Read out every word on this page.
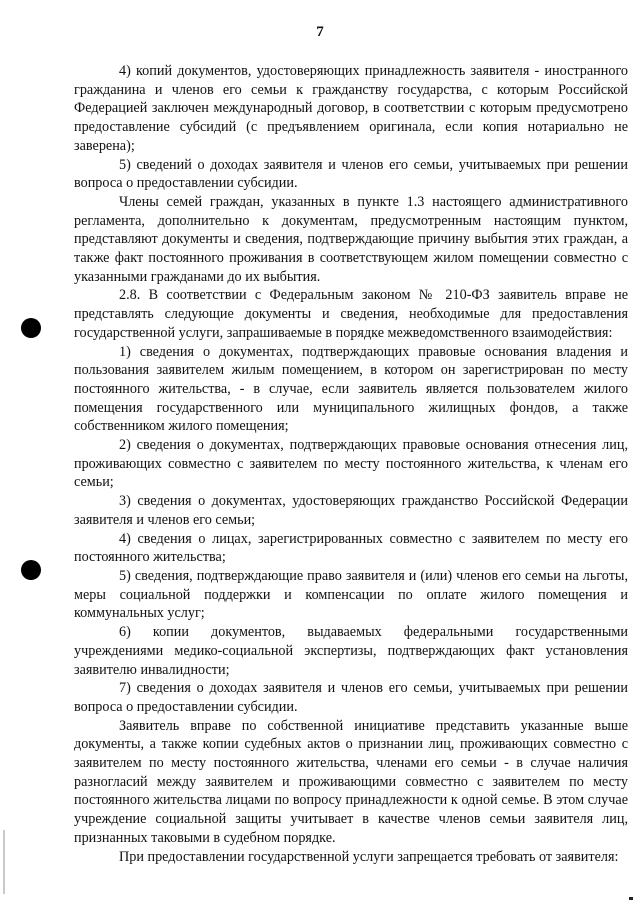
7

4) копий документов, удостоверяющих принадлежность заявителя - иностранного гражданина и членов его семьи к гражданству государства, с которым Российской Федерацией заключен международный договор, в соответствии с которым предусмотрено предоставление субсидий (с предъявлением оригинала, если копия нотариально не заверена);

5) сведений о доходах заявителя и членов его семьи, учитываемых при решении вопроса о предоставлении субсидии.

Члены семей граждан, указанных в пункте 1.3 настоящего административного регламента, дополнительно к документам, предусмотренным настоящим пунктом, представляют документы и сведения, подтверждающие причину выбытия этих граждан, а также факт постоянного проживания в соответствующем жилом помещении совместно с указанными гражданами до их выбытия.

2.8. В соответствии с Федеральным законом № 210-ФЗ заявитель вправе не представлять следующие документы и сведения, необходимые для предоставления государственной услуги, запрашиваемые в порядке межведомственного взаимодействия:

1) сведения о документах, подтверждающих правовые основания владения и пользования заявителем жилым помещением, в котором он зарегистрирован по месту постоянного жительства, - в случае, если заявитель является пользователем жилого помещения государственного или муниципального жилищных фондов, а также собственником жилого помещения;

2) сведения о документах, подтверждающих правовые основания отнесения лиц, проживающих совместно с заявителем по месту постоянного жительства, к членам его семьи;

3) сведения о документах, удостоверяющих гражданство Российской Федерации заявителя и членов его семьи;

4) сведения о лицах, зарегистрированных совместно с заявителем по месту его постоянного жительства;

5) сведения, подтверждающие право заявителя и (или) членов его семьи на льготы, меры социальной поддержки и компенсации по оплате жилого помещения и коммунальных услуг;

6) копии документов, выдаваемых федеральными государственными учреждениями медико-социальной экспертизы, подтверждающих факт установления заявителю инвалидности;

7) сведения о доходах заявителя и членов его семьи, учитываемых при решении вопроса о предоставлении субсидии.

Заявитель вправе по собственной инициативе представить указанные выше документы, а также копии судебных актов о признании лиц, проживающих совместно с заявителем по месту постоянного жительства, членами его семьи - в случае наличия разногласий между заявителем и проживающими совместно с заявителем по месту постоянного жительства лицами по вопросу принадлежности к одной семье. В этом случае учреждение социальной защиты учитывает в качестве членов семьи заявителя лиц, признанных таковыми в судебном порядке.

При предоставлении государственной услуги запрещается требовать от заявителя:
